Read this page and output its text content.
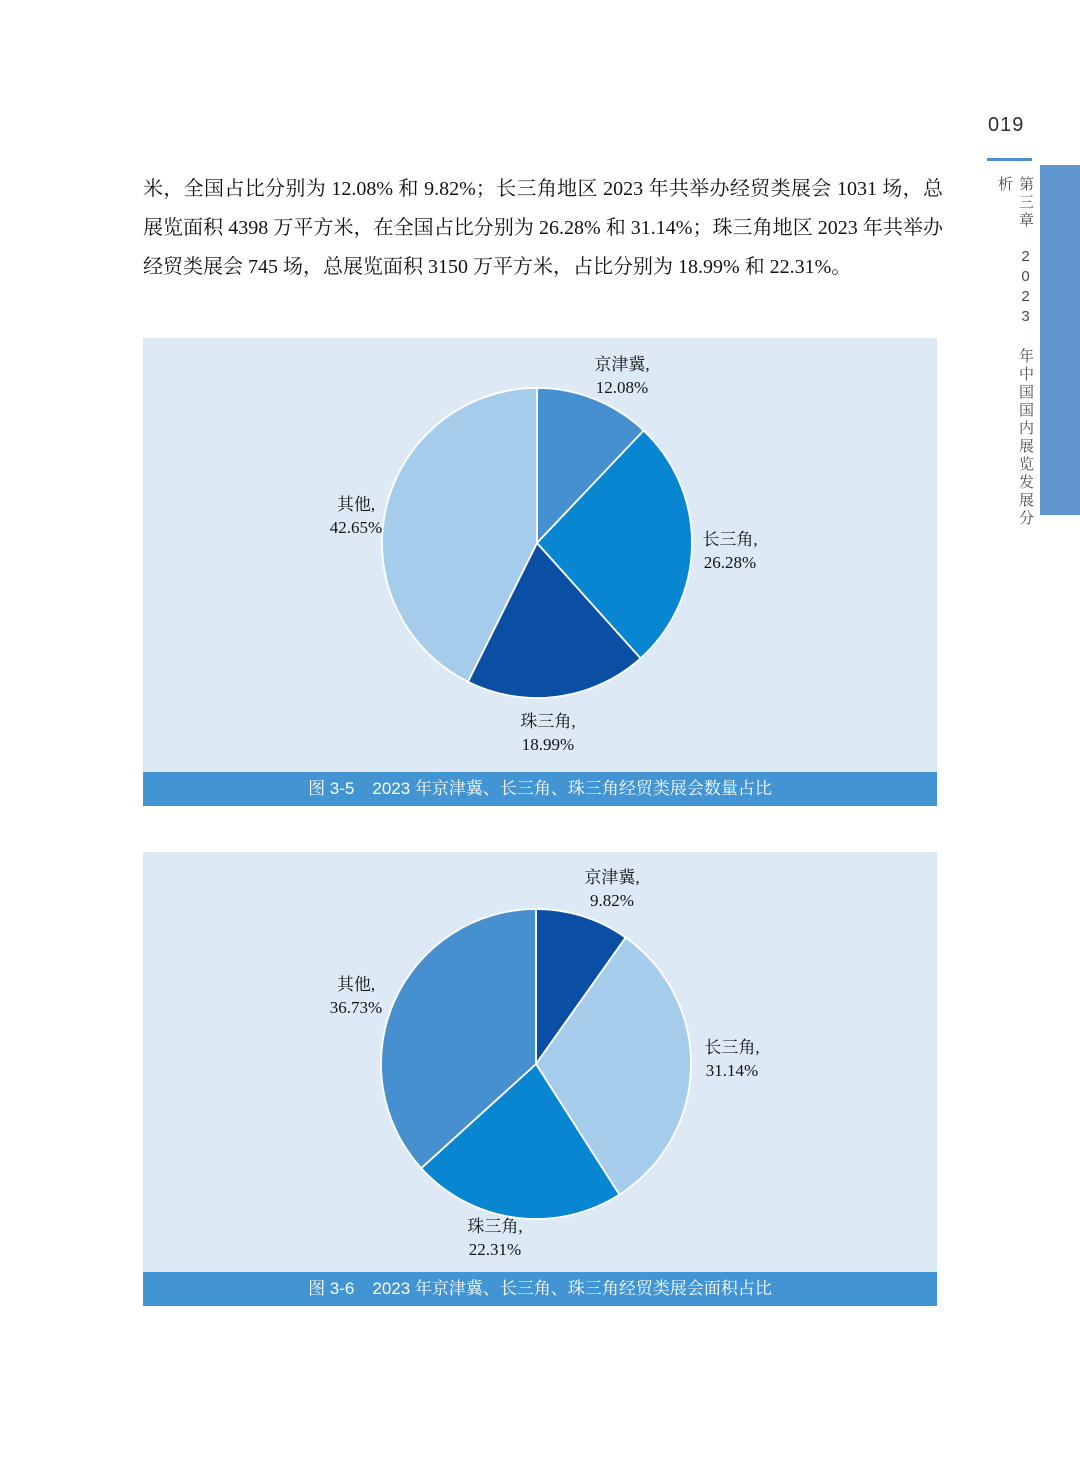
019
第三章　2023 年中国国内展览发展分析

米，全国占比分别为 12.08% 和 9.82%；长三角地区 2023 年共举办经贸类展会 1031 场，总展览面积 4398 万平方米，在全国占比分别为 26.28% 和 31.14%；珠三角地区 2023 年共举办经贸类展会 745 场，总展览面积 3150 万平方米，占比分别为 18.99% 和 22.31%。

京津冀,
12.08%
长三角,
26.28%
珠三角,
18.99%
其他,
42.65%
图 3-5 2023 年京津冀、长三角、珠三角经贸类展会数量占比
京津冀,
9.82%
长三角,
31.14%
珠三角,
22.31%
其他,
36.73%
图 3-6 2023 年京津冀、长三角、珠三角经贸类展会面积占比
